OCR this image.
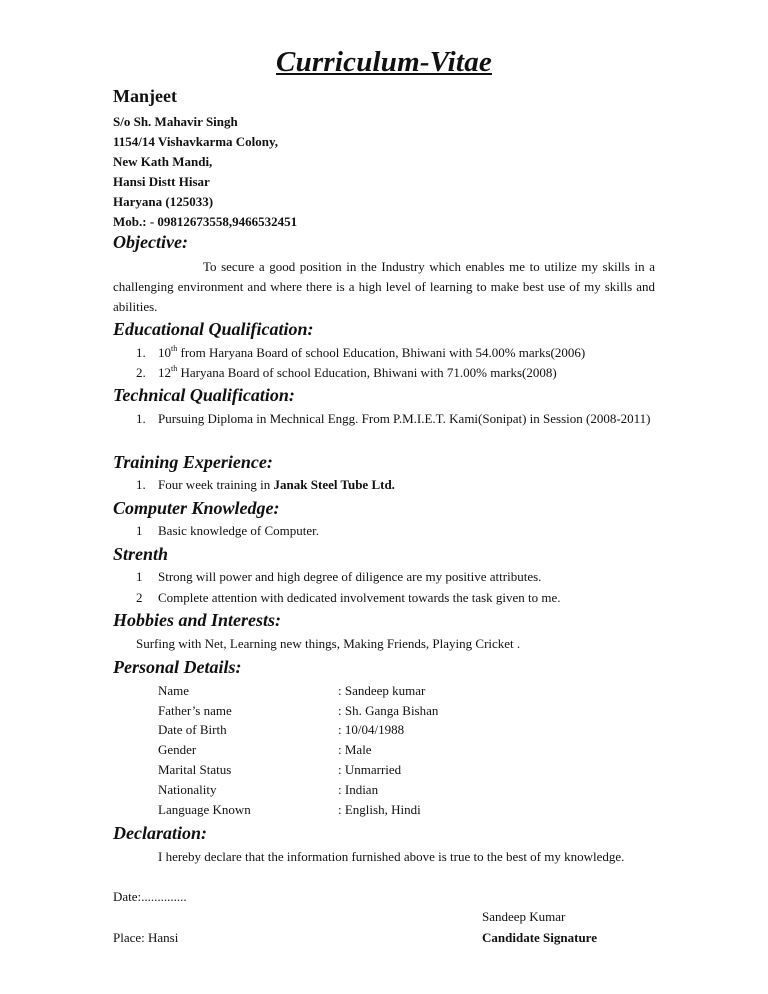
Curriculum-Vitae
Manjeet
S/o Sh. Mahavir Singh
1154/14 Vishavkarma Colony,
New Kath Mandi,
Hansi Distt Hisar
Haryana (125033)
Mob.: - 09812673558,9466532451
Objective:
To secure a good position in the Industry which enables me to utilize my skills in a challenging environment and where there is a high level of learning to make best use of my skills and abilities.
Educational Qualification:
1. 10th from Haryana Board of school Education, Bhiwani with 54.00% marks(2006)
2. 12th Haryana Board of school Education, Bhiwani with 71.00% marks(2008)
Technical Qualification:
1. Pursuing Diploma in Mechnical Engg. From P.M.I.E.T. Kami(Sonipat) in Session (2008-2011)
Training Experience:
1. Four week training in Janak Steel Tube Ltd.
Computer Knowledge:
1 Basic knowledge of Computer.
Strenth
1 Strong will power and high degree of diligence are my positive attributes.
2 Complete attention with dedicated involvement towards the task given to me.
Hobbies and Interests:
Surfing with Net, Learning new things, Making Friends, Playing Cricket .
Personal Details:
Name	: Sandeep kumar
Father’s name	: Sh. Ganga Bishan
Date of Birth	: 10/04/1988
Gender	: Male
Marital Status	: Unmarried
Nationality	: Indian
Language Known	: English, Hindi
Declaration:
I hereby declare that the information furnished above is true to the best of my knowledge.
Date:..............
Sandeep Kumar
Place: Hansi	Candidate Signature
